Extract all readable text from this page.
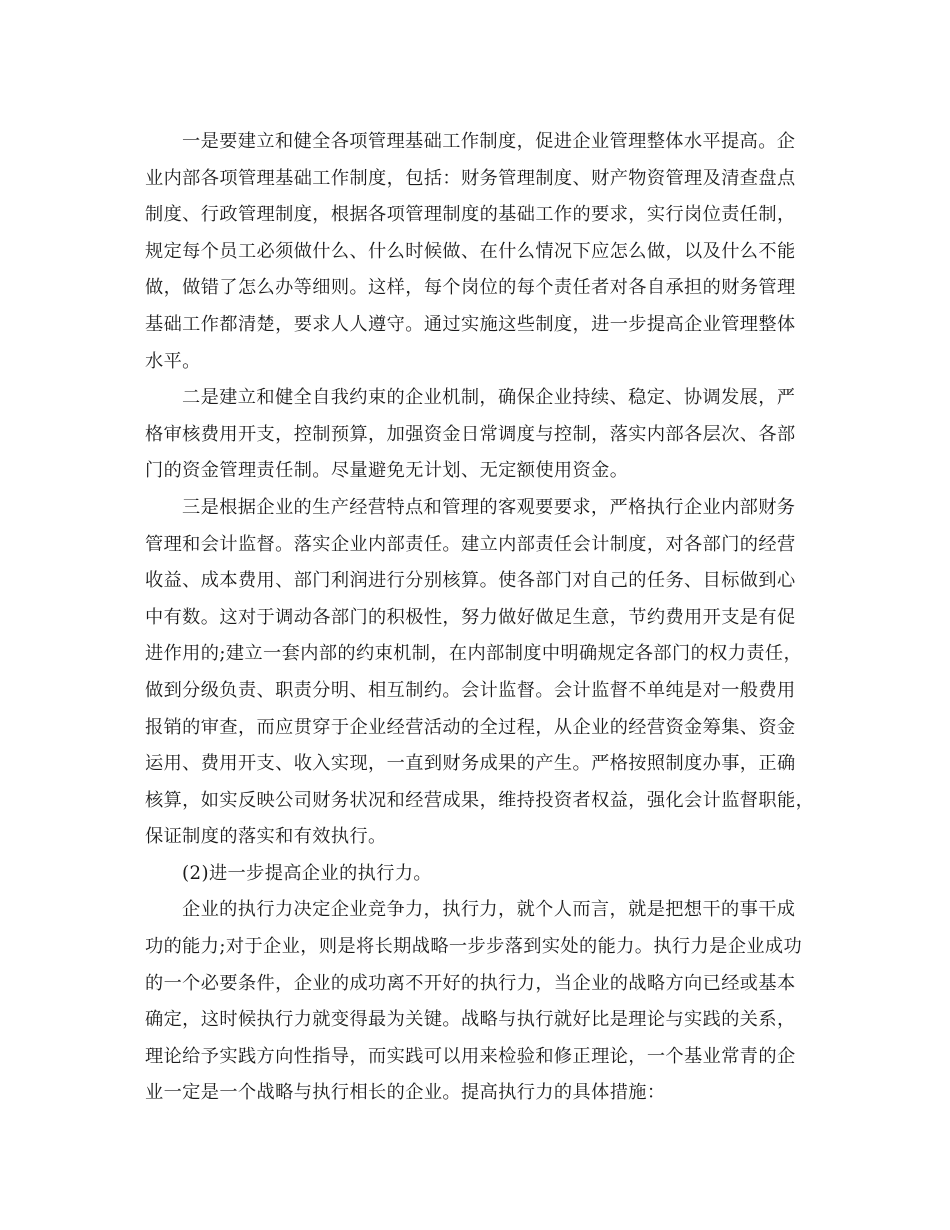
一是要建立和健全各项管理基础工作制度，促进企业管理整体水平提高。企
业内部各项管理基础工作制度，包括：财务管理制度、财产物资管理及清查盘点
制度、行政管理制度，根据各项管理制度的基础工作的要求，实行岗位责任制，
规定每个员工必须做什么、什么时候做、在什么情况下应怎么做，以及什么不能
做，做错了怎么办等细则。这样，每个岗位的每个责任者对各自承担的财务管理
基础工作都清楚，要求人人遵守。通过实施这些制度，进一步提高企业管理整体
水平。

二是建立和健全自我约束的企业机制，确保企业持续、稳定、协调发展，严
格审核费用开支，控制预算，加强资金日常调度与控制，落实内部各层次、各部
门的资金管理责任制。尽量避免无计划、无定额使用资金。

三是根据企业的生产经营特点和管理的客观要要求，严格执行企业内部财务
管理和会计监督。落实企业内部责任。建立内部责任会计制度，对各部门的经营
收益、成本费用、部门利润进行分别核算。使各部门对自己的任务、目标做到心
中有数。这对于调动各部门的积极性，努力做好做足生意，节约费用开支是有促
进作用的;建立一套内部的约束机制，在内部制度中明确规定各部门的权力责任，
做到分级负责、职责分明、相互制约。会计监督。会计监督不单纯是对一般费用
报销的审查，而应贯穿于企业经营活动的全过程，从企业的经营资金筹集、资金
运用、费用开支、收入实现，一直到财务成果的产生。严格按照制度办事，正确
核算，如实反映公司财务状况和经营成果，维持投资者权益，强化会计监督职能，
保证制度的落实和有效执行。

(2)进一步提高企业的执行力。

企业的执行力决定企业竞争力，执行力，就个人而言，就是把想干的事干成
功的能力;对于企业，则是将长期战略一步步落到实处的能力。执行力是企业成功
的一个必要条件，企业的成功离不开好的执行力，当企业的战略方向已经或基本
确定，这时候执行力就变得最为关键。战略与执行就好比是理论与实践的关系，
理论给予实践方向性指导，而实践可以用来检验和修正理论，一个基业常青的企
业一定是一个战略与执行相长的企业。提高执行力的具体措施：
